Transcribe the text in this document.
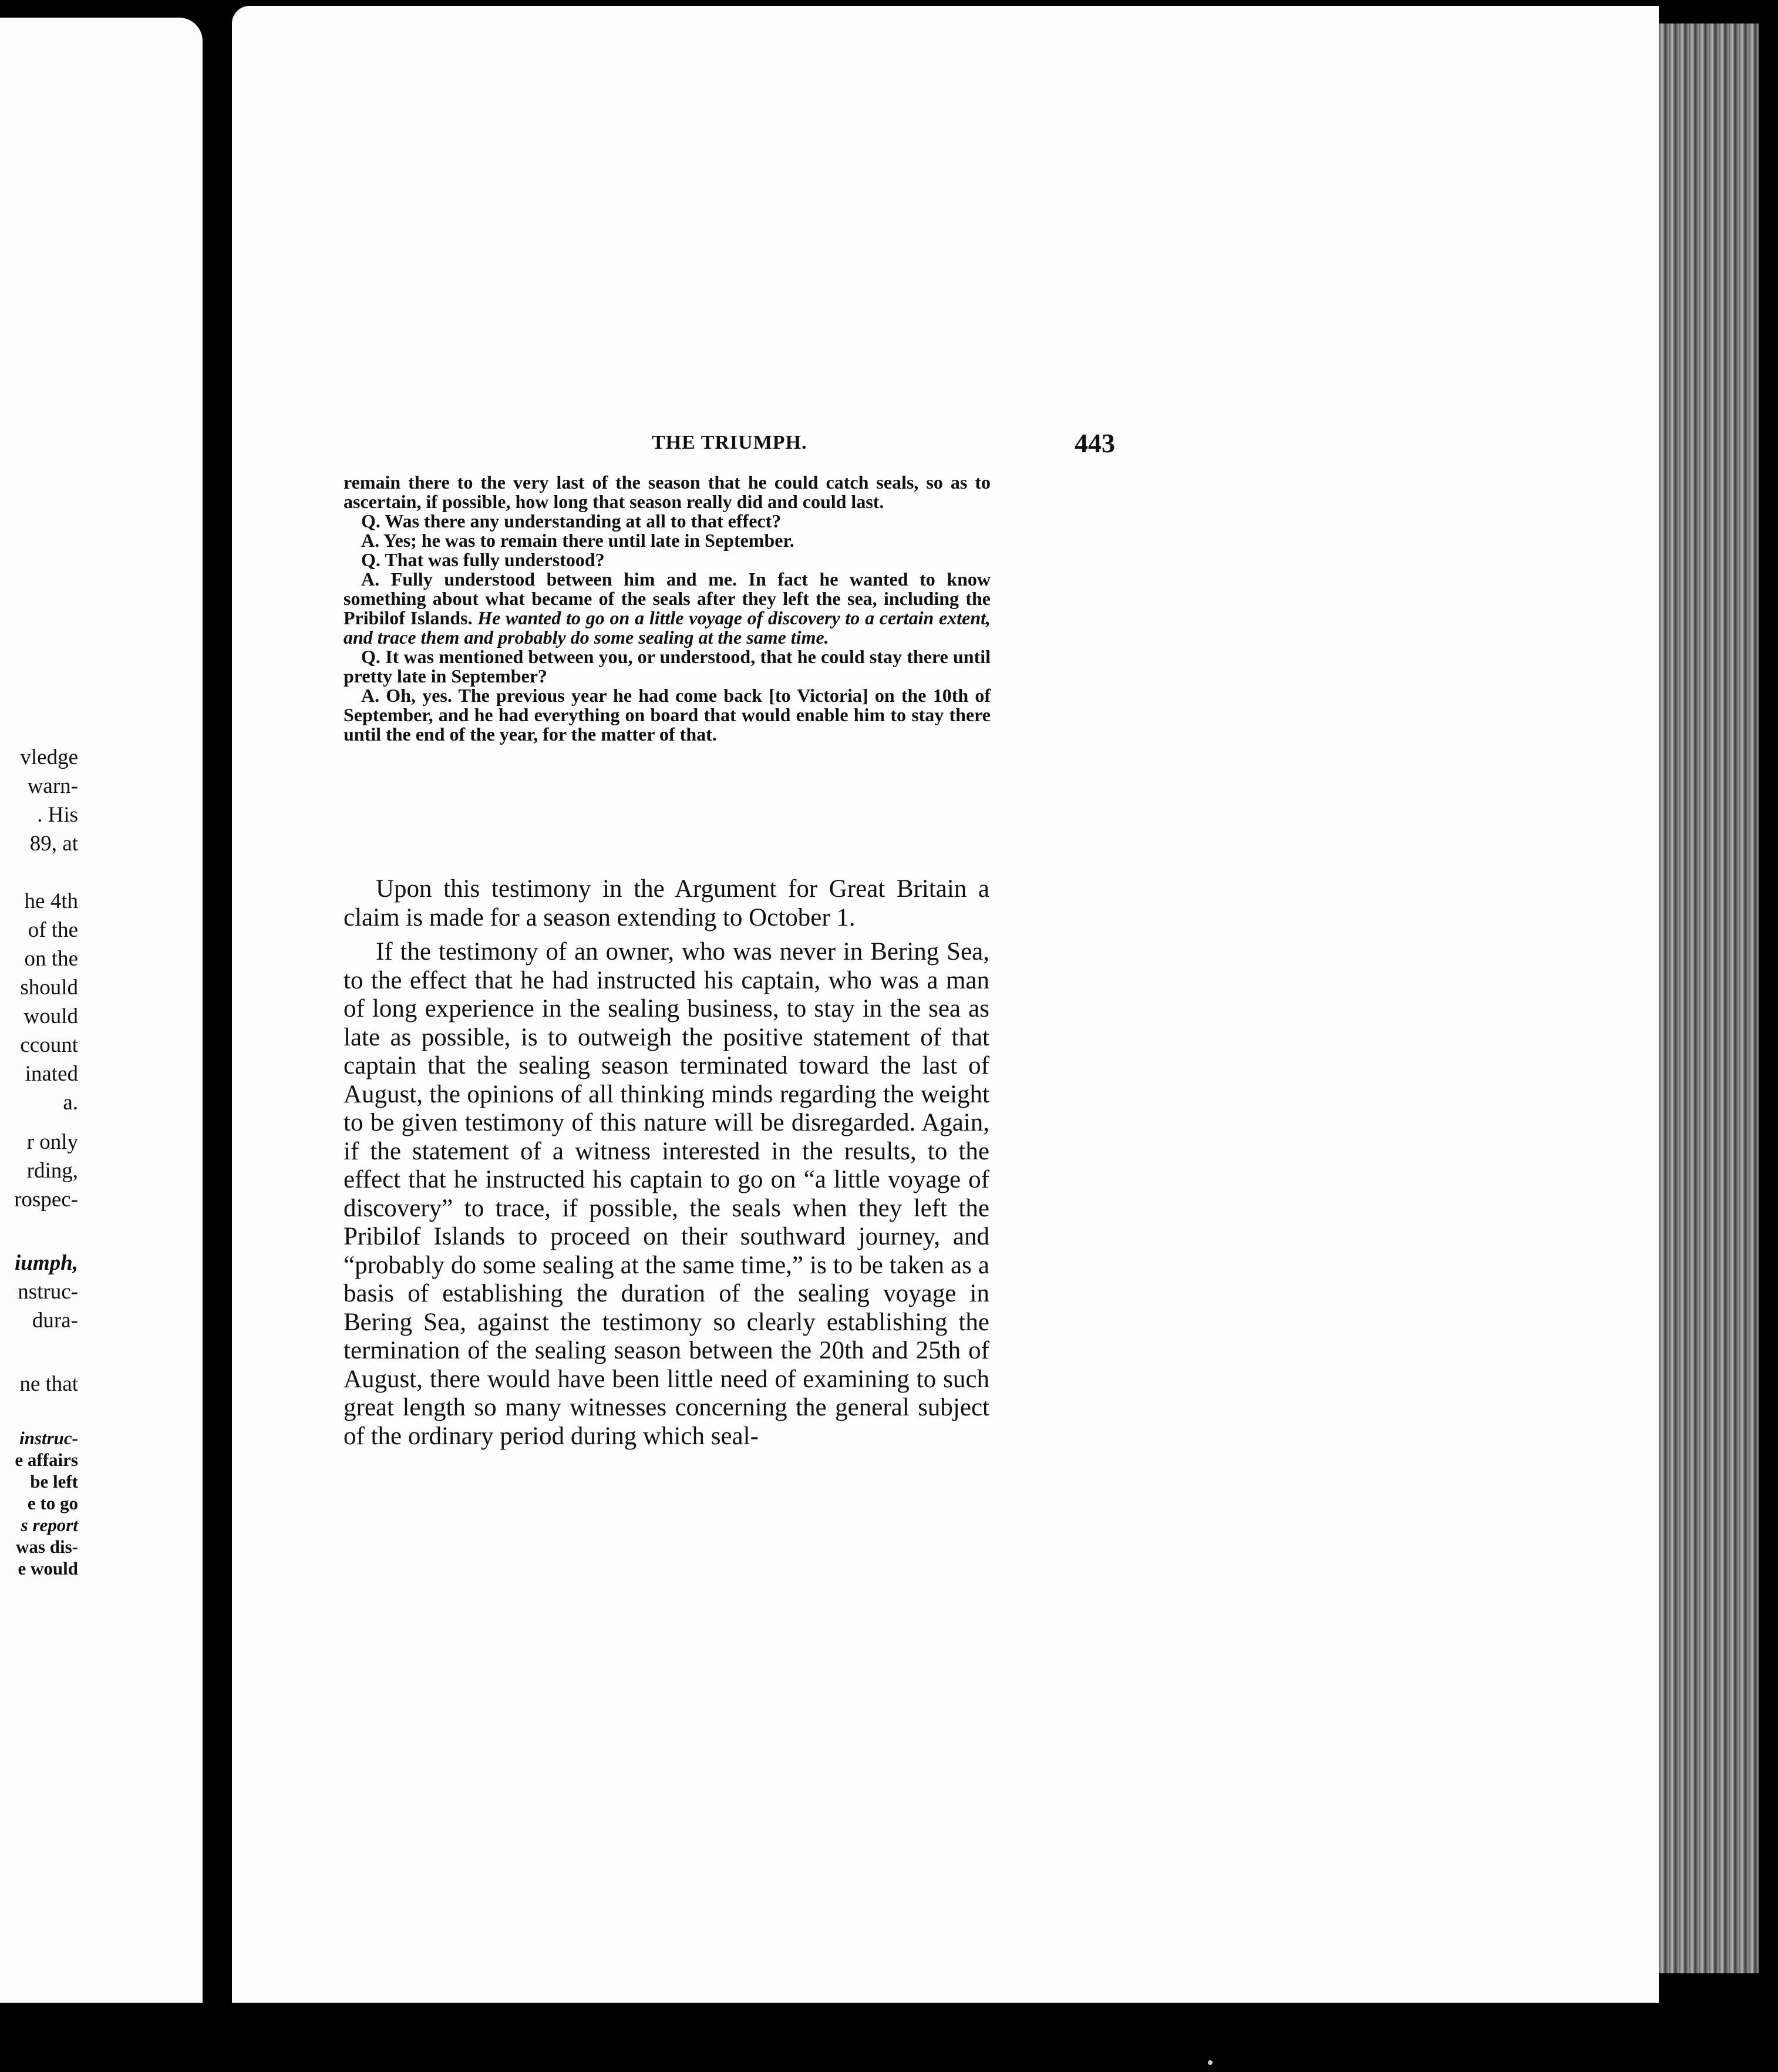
vledge
warn-
. His
89, at
he 4th
of the
on the
should
would
ccount
inated
a.
r only
rding,
rospec-
iumph,
nstruc-
dura-
ne that
instruc-
e affairs
be left
e to go
s report
was dis-
e would
THE TRIUMPH.	443

remain there to the very last of the season that he could catch seals, so as to ascertain, if possible, how long that season really did and could last.

Q. Was there any understanding at all to that effect?

A. Yes; he was to remain there until late in September.

Q. That was fully understood?

A. Fully understood between him and me. In fact he wanted to know something about what became of the seals after they left the sea, including the Pribilof Islands. He wanted to go on a little voyage of discovery to a certain extent, and trace them and probably do some sealing at the same time.

Q. It was mentioned between you, or understood, that he could stay there until pretty late in September?

A. Oh, yes. The previous year he had come back [to Victoria] on the 10th of September, and he had everything on board that would enable him to stay there until the end of the year, for the matter of that.

Upon this testimony in the Argument for Great Britain a claim is made for a season extending to October 1.

If the testimony of an owner, who was never in Bering Sea, to the effect that he had instructed his captain, who was a man of long experience in the sealing business, to stay in the sea as late as possible, is to outweigh the positive statement of that captain that the sealing season terminated toward the last of August, the opinions of all thinking minds regarding the weight to be given testimony of this nature will be disregarded. Again, if the statement of a witness interested in the results, to the effect that he instructed his captain to go on “a little voyage of discovery” to trace, if possible, the seals when they left the Pribilof Islands to proceed on their southward journey, and “probably do some sealing at the same time,” is to be taken as a basis of establishing the duration of the sealing voyage in Bering Sea, against the testimony so clearly establishing the termination of the sealing season between the 20th and 25th of August, there would have been little need of examining to such great length so many witnesses concerning the general subject of the ordinary period during which seal-
